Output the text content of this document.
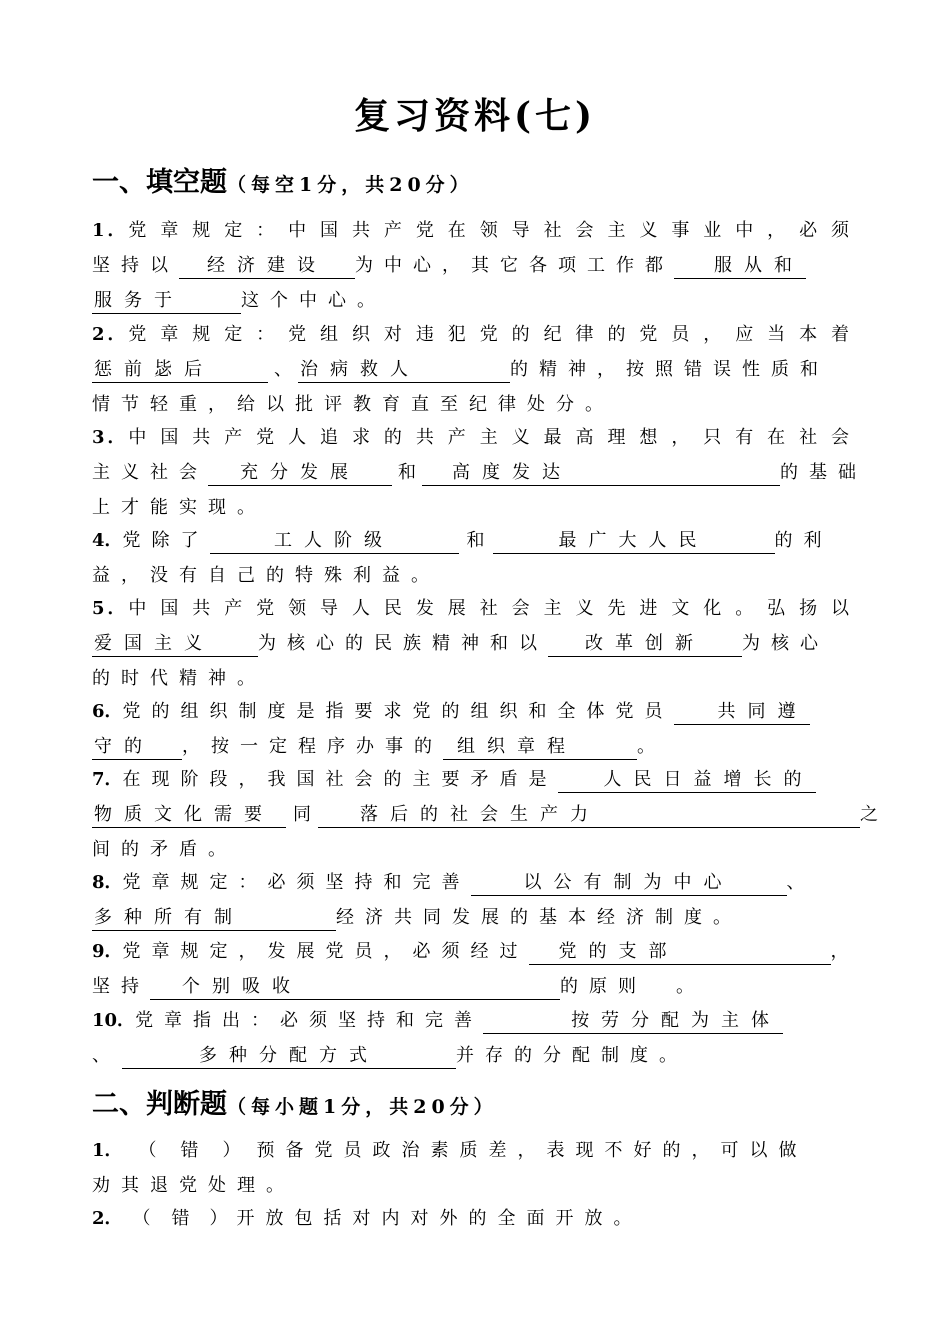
复习资料(七)
一、填空题（每空1分，共20分）
1．党章规定：中国共产党在领导社会主义事业中，必须
坚持以 经济建设 为中心，其它各项工作都 服从和
服务于	这个中心。
2．党章规定：党组织对违犯党的纪律的党员，应当本着
惩前毖后	、 治病救人	的精神，按照错误性质和
情节轻重，给以批评教育直至纪律处分。
3．中国共产党人追求的共产主义最高理想，只有在社会
主义社会 充分发展 和 高度发达	的基础
上才能实现。
4．党除了	工人阶级	和	最广大人民	的利
益，没有自己的特殊利益。
5．中国共产党领导人民发展社会主义先进文化。弘扬以
爱国主义 为核心的民族精神和以 改革创新 为核心
的时代精神。
6．党的组织制度是指要求党的组织和全体党员 共同遵
守的 ，按一定程序办事的 组织章程	。
7．在现阶段，我国社会的主要矛盾是	人民日益增长的
物质文化需要 同	落后的社会生产力	之
间的矛盾。
8．党章规定：必须坚持和完善	以公有制为中心	、
多种所有制	经济共同发展的基本经济制度。
9．党章规定，发展党员，必须经过 党的支部	，
坚持 个别吸收	的原则　。
10．党章指出：必须坚持和完善	按劳分配为主体
、	多种分配方式	并存的分配制度。
二、判断题（每小题1分，共20分）
1． （ 错 ） 预备党员政治素质差，表现不好的，可以做
劝其退党处理。
2． （ 错 ） 开放包括对内对外的全面开放。
